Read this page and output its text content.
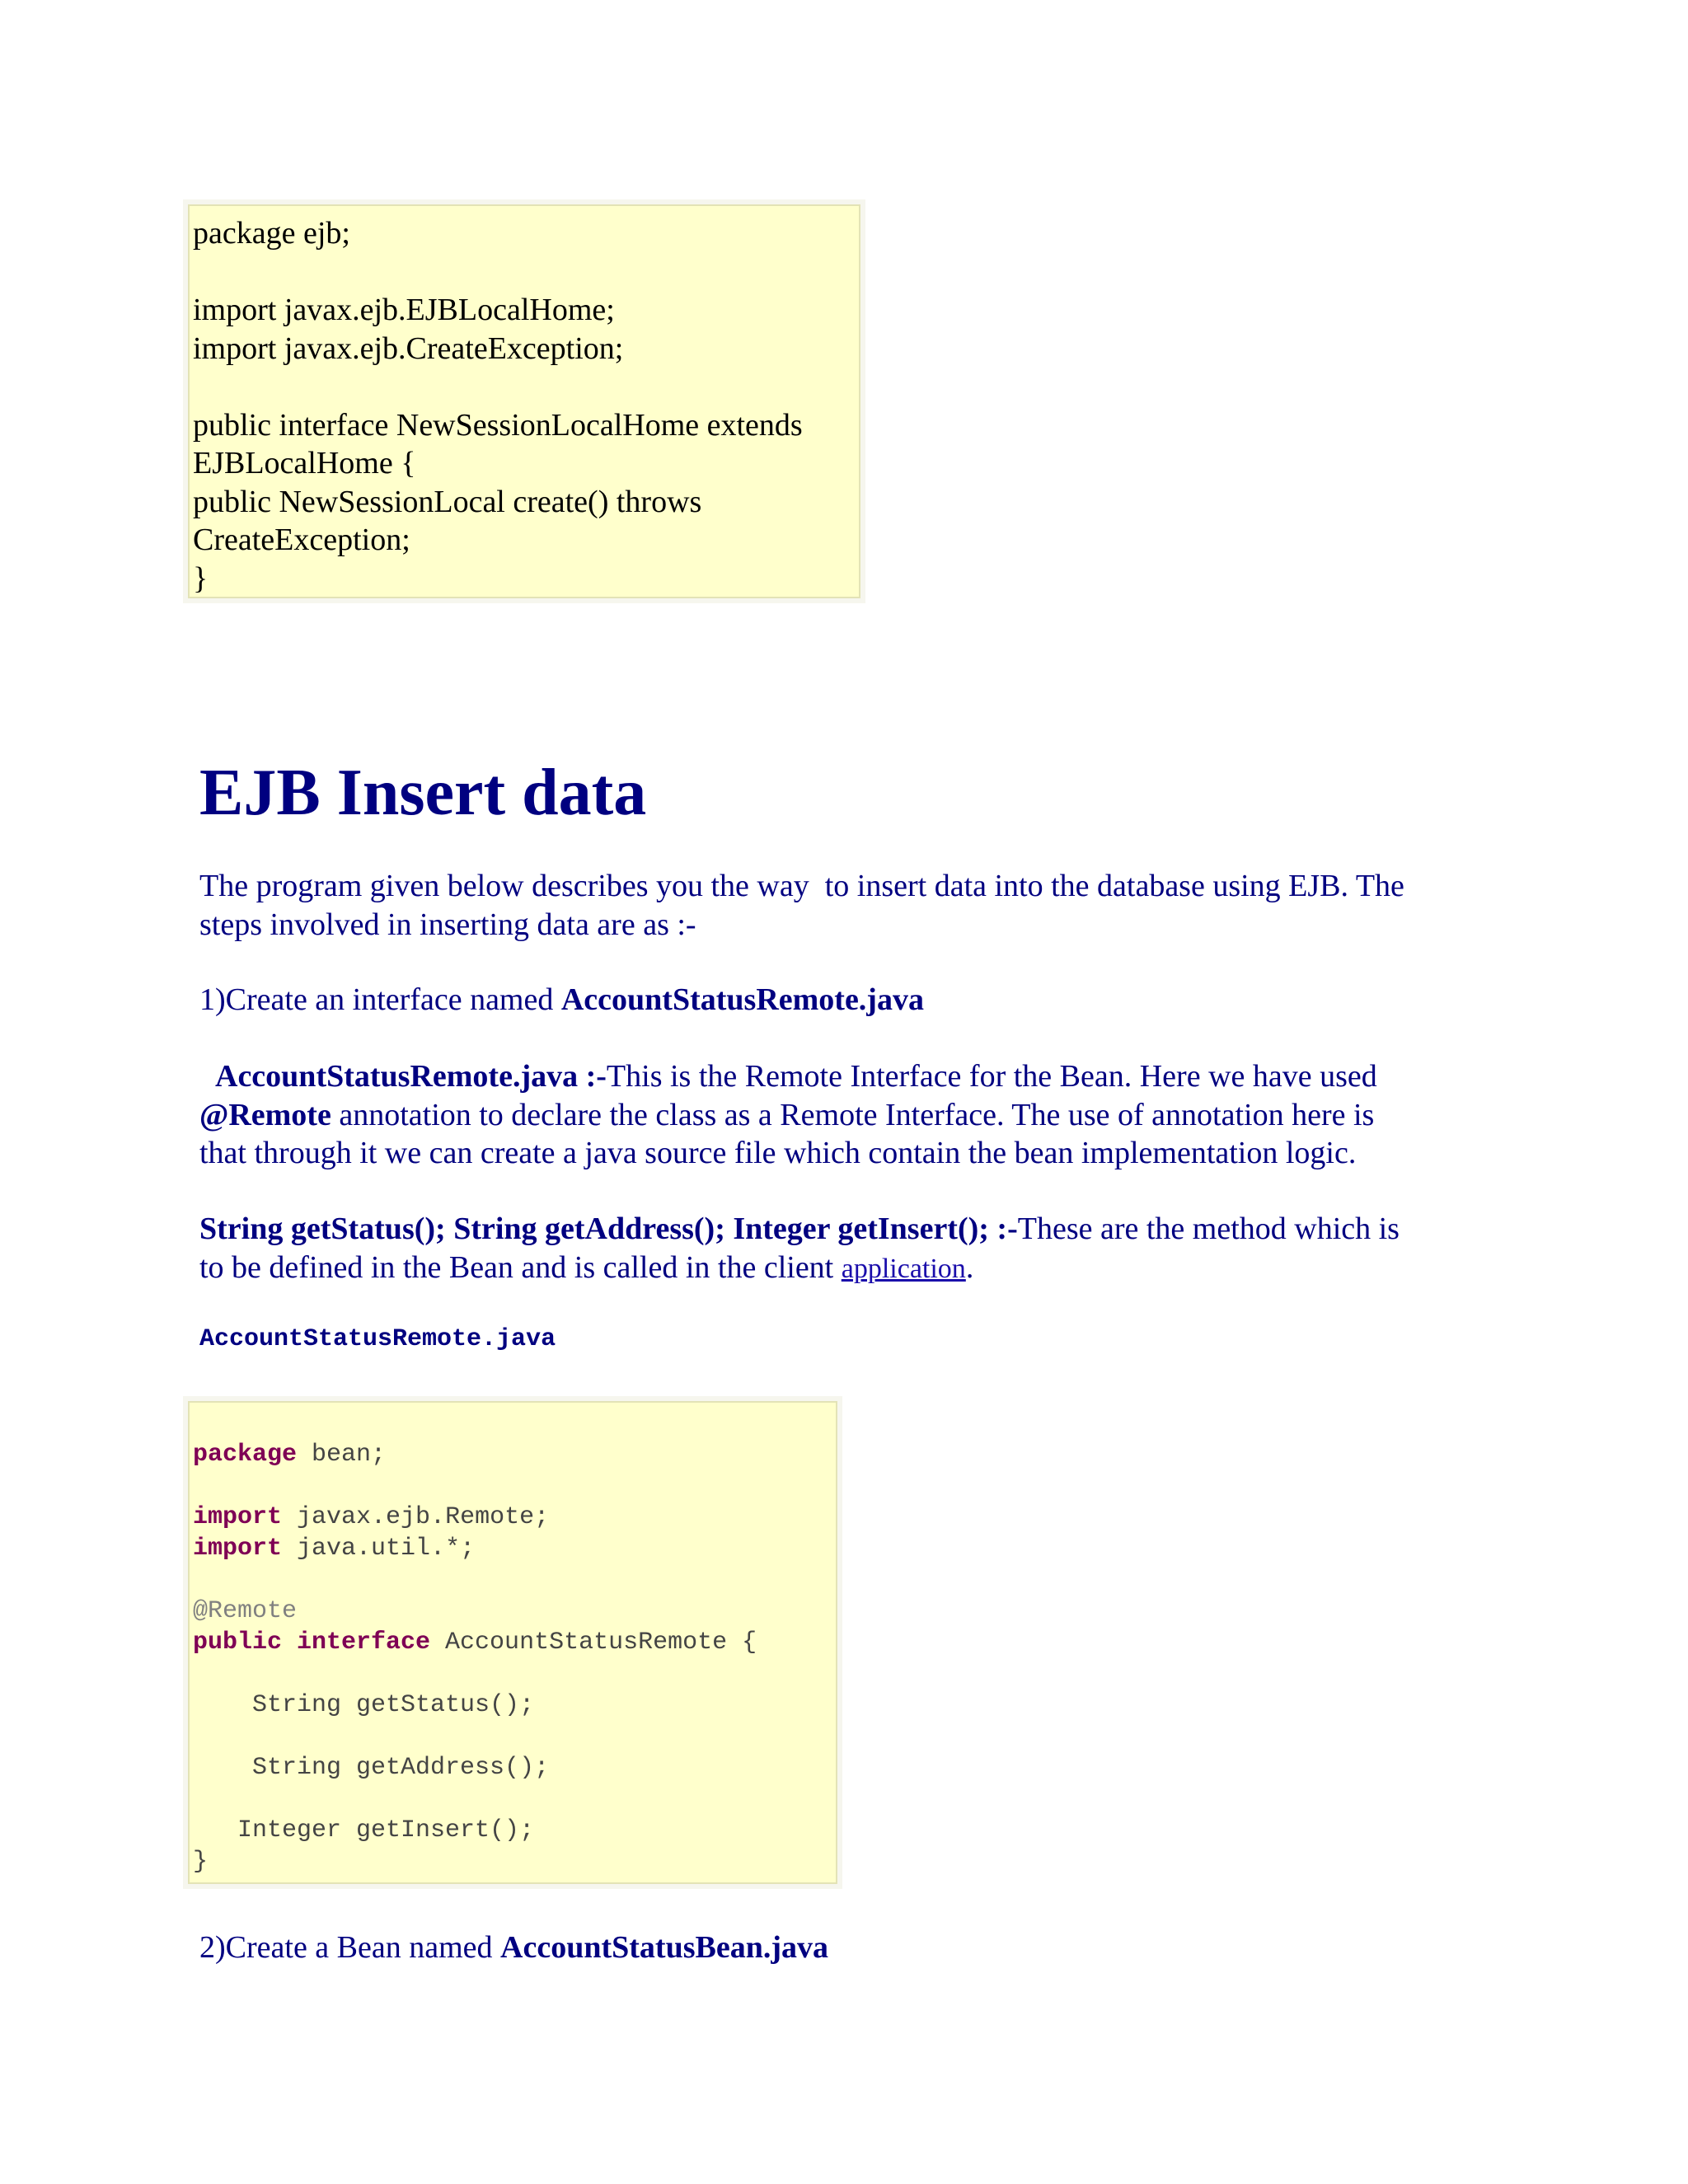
package ejb;
import javax.ejb.EJBLocalHome;
import javax.ejb.CreateException;
public interface NewSessionLocalHome extends
EJBLocalHome {
public NewSessionLocal create() throws
CreateException;
}
EJB Insert data

The program given below describes you the way  to insert data into the database using EJB. The
steps involved in inserting data are as :-

1)Create an interface named AccountStatusRemote.java

AccountStatusRemote.java :-This is the Remote Interface for the Bean. Here we have used
@Remote annotation to declare the class as a Remote Interface. The use of annotation here is
that through it we can create a java source file which contain the bean implementation logic.

String getStatus(); String getAddress(); Integer getInsert(); :-These are the method which is
to be defined in the Bean and is called in the client application.

AccountStatusRemote.java
package bean;
import javax.ejb.Remote;
import java.util.*;
@Remote
public interface AccountStatusRemote {
String getStatus();
String getAddress();
Integer getInsert();
}

2)Create a Bean named AccountStatusBean.java
